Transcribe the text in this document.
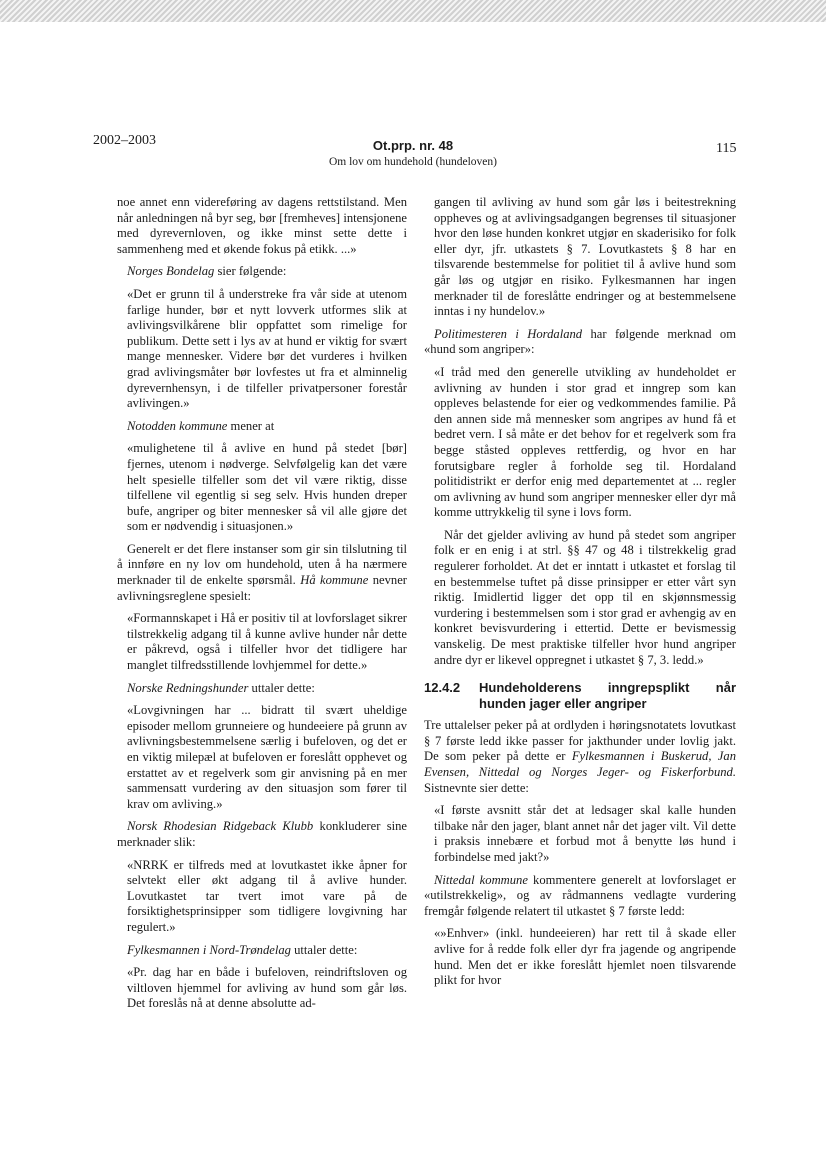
2002–2003	Ot.prp. nr. 48
Om lov om hundehold (hundeloven)
115

noe annet enn videreføring av dagens rettstilstand. Men når anledningen nå byr seg, bør [fremheves] intensjonene med dyrevernloven, og ikke minst sette dette i sammenheng med et økende fokus på etikk. ...»

Norges Bondelag sier følgende:

«Det er grunn til å understreke fra vår side at utenom farlige hunder, bør et nytt lovverk utformes slik at avlivingsvilkårene blir oppfattet som rimelige for publikum. Dette sett i lys av at hund er viktig for svært mange mennesker. Videre bør det vurderes i hvilken grad avlivingsmåter bør lovfestes ut fra et alminnelig dyrevernhensyn, i de tilfeller privatpersoner forestår avlivingen.»

Notodden kommune mener at

«mulighetene til å avlive en hund på stedet [bør] fjernes, utenom i nødverge. Selvfølgelig kan det være helt spesielle tilfeller som det vil være riktig, disse tilfellene vil egentlig si seg selv. Hvis hunden dreper bufe, angriper og biter mennesker så vil alle gjøre det som er nødvendig i situasjonen.»

Generelt er det flere instanser som gir sin tilslutning til å innføre en ny lov om hundehold, uten å ha nærmere merknader til de enkelte spørsmål. Hå kommune nevner avlivningsreglene spesielt:

«Formannskapet i Hå er positiv til at lovforslaget sikrer tilstrekkelig adgang til å kunne avlive hunder når dette er påkrevd, også i tilfeller hvor det tidligere har manglet tilfredsstillende lovhjemmel for dette.»

Norske Redningshunder uttaler dette:

«Lovgivningen har ... bidratt til svært uheldige episoder mellom grunneiere og hundeeiere på grunn av avlivningsbestemmelsene særlig i bufeloven, og det er en viktig milepæl at bufeloven er foreslått opphevet og erstattet av et regelverk som gir anvisning på en mer sammensatt vurdering av den situasjon som fører til krav om avliving.»

Norsk Rhodesian Ridgeback Klubb konkluderer sine merknader slik:

«NRRK er tilfreds med at lovutkastet ikke åpner for selvtekt eller økt adgang til å avlive hunder. Lovutkastet tar tvert imot vare på de forsiktighetsprinsipper som tidligere lovgivning har regulert.»

Fylkesmannen i Nord-Trøndelag uttaler dette:

«Pr. dag har en både i bufeloven, reindriftsloven og viltloven hjemmel for avliving av hund som går løs. Det foreslås nå at denne absolutte ad-

gangen til avliving av hund som går løs i beitestrekning oppheves og at avlivingsadgangen begrenses til situasjoner hvor den løse hunden konkret utgjør en skaderisiko for folk eller dyr, jfr. utkastets § 7. Lovutkastets § 8 har en tilsvarende bestemmelse for politiet til å avlive hund som går løs og utgjør en risiko. Fylkesmannen har ingen merknader til de foreslåtte endringer og at bestemmelsene inntas i ny hundelov.»

Politimesteren i Hordaland har følgende merknad om «hund som angriper»:

«I tråd med den generelle utvikling av hundeholdet er avlivning av hunden i stor grad et inngrep som kan oppleves belastende for eier og vedkommendes familie. På den annen side må mennesker som angripes av hund få et bedret vern. I så måte er det behov for et regelverk som fra begge ståsted oppleves rettferdig, og hvor en har forutsigbare regler å forholde seg til. Hordaland politidistrikt er derfor enig med departementet at ... regler om avlivning av hund som angriper mennesker eller dyr må komme uttrykkelig til syne i lovs form.

Når det gjelder avliving av hund på stedet som angriper folk er en enig i at strl. §§ 47 og 48 i tilstrekkelig grad regulerer forholdet. At det er inntatt i utkastet et forslag til en bestemmelse tuftet på disse prinsipper er etter vårt syn riktig. Imidlertid ligger det opp til en skjønnsmessig vurdering i bestemmelsen som i stor grad er avhengig av en konkret bevisvurdering i ettertid. Dette er bevismessig vanskelig. De mest praktiske tilfeller hvor hund angriper andre dyr er likevel oppregnet i utkastet § 7, 3. ledd.»

12.4.2	Hundeholderens inngrepsplikt når hunden jager eller angriper

Tre uttalelser peker på at ordlyden i høringsnotatets lovutkast § 7 første ledd ikke passer for jakthunder under lovlig jakt. De som peker på dette er Fylkesmannen i Buskerud, Jan Evensen, Nittedal og Norges Jeger- og Fiskerforbund. Sistnevnte sier dette:

«I første avsnitt står det at ledsager skal kalle hunden tilbake når den jager, blant annet når det jager vilt. Vil dette i praksis innebære et forbud mot å benytte løs hund i forbindelse med jakt?»

Nittedal kommune kommentere generelt at lovforslaget er «utilstrekkelig», og av rådmannens vedlagte vurdering fremgår følgende relatert til utkastet § 7 første ledd:

«»Enhver» (inkl. hundeeieren) har rett til å skade eller avlive for å redde folk eller dyr fra jagende og angripende hund. Men det er ikke foreslått hjemlet noen tilsvarende plikt for hvor
